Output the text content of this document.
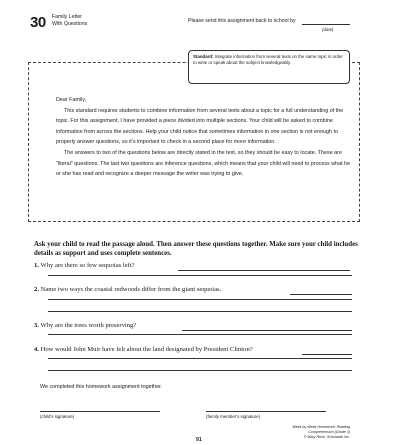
30 Family Letter
With Questions	Please send this assignment back to school by
(date)
Standard: Integrate information from several texts on the same topic in order to write or speak about the subject knowledgeably.

Dear Family,

This standard requires students to combine information from several texts about a topic for a full understanding of the topic. For this assignment, I have provided a piece divided into multiple sections. Your child will be asked to combine information from across the sections. Help your child notice that sometimes information in one section is not enough to properly answer questions, so it's important to check in a second place for more information.

The answers to two of the questions below are directly stated in the text, so they should be easy to locate. These are "literal" questions. The last two questions are inference questions, which means that your child will need to process what he or she has read and recognize a deeper message the writer was trying to give.

Ask your child to read the passage aloud. Then answer these questions together. Make sure your child includes details as support and uses complete sentences.
We completed this homework assignment together.
(child's signature)	(family member's signature)
91
Week by Week Homework: Reading Comprehension (Grade 3)
© Mary Rose, Scholastic Inc.
1. Why are there so few sequoias left?
2. Name two ways the coastal redwoods differ from the giant sequoias.
3. Why are the trees worth preserving?
4. How would John Muir have felt about the land designated by President Clinton?
